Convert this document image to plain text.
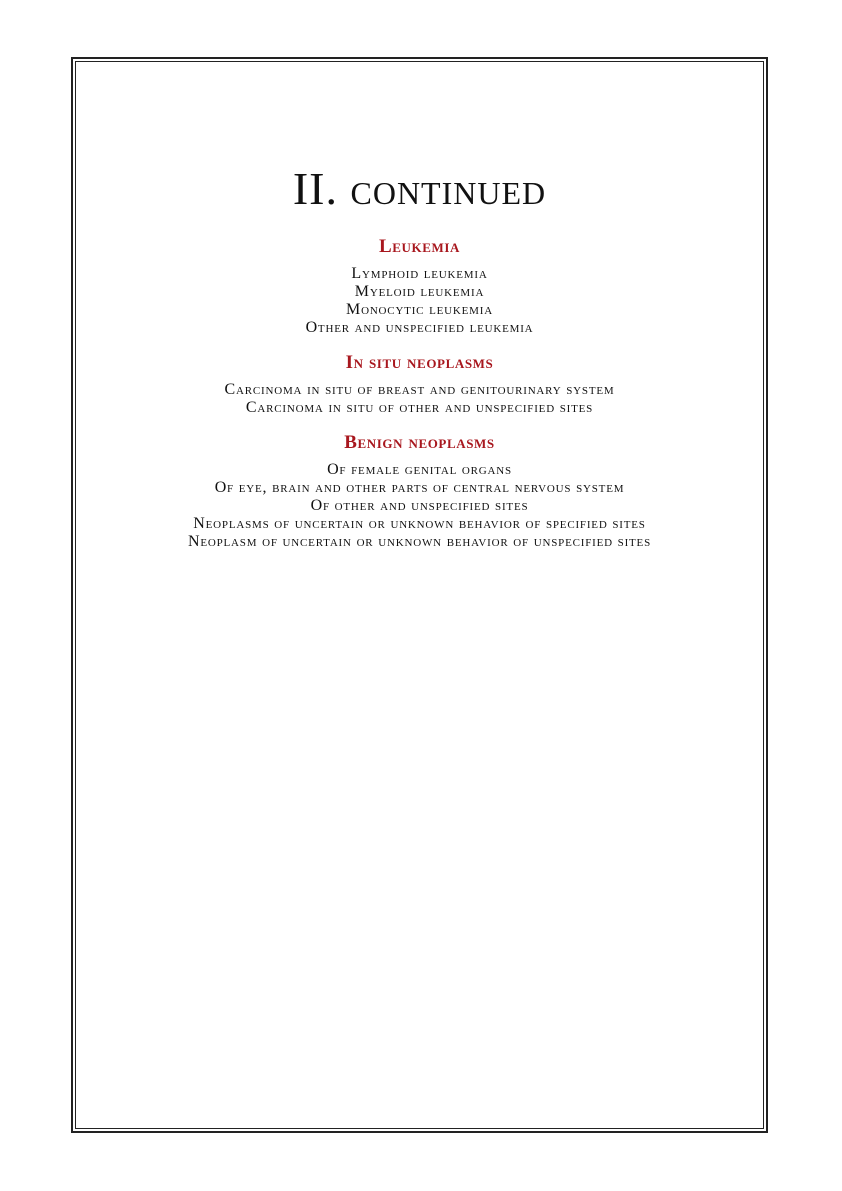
II. continued
Leukemia
Lymphoid leukemia
Myeloid leukemia
Monocytic leukemia
Other and unspecified leukemia
In situ neoplasms
Carcinoma in situ of breast and genitourinary system
Carcinoma in situ of other and unspecified sites
Benign neoplasms
Of female genital organs
Of eye, brain and other parts of central nervous system
Of other and unspecified sites
Neoplasms of uncertain or unknown behavior of specified sites
Neoplasm of uncertain or unknown behavior of unspecified sites
